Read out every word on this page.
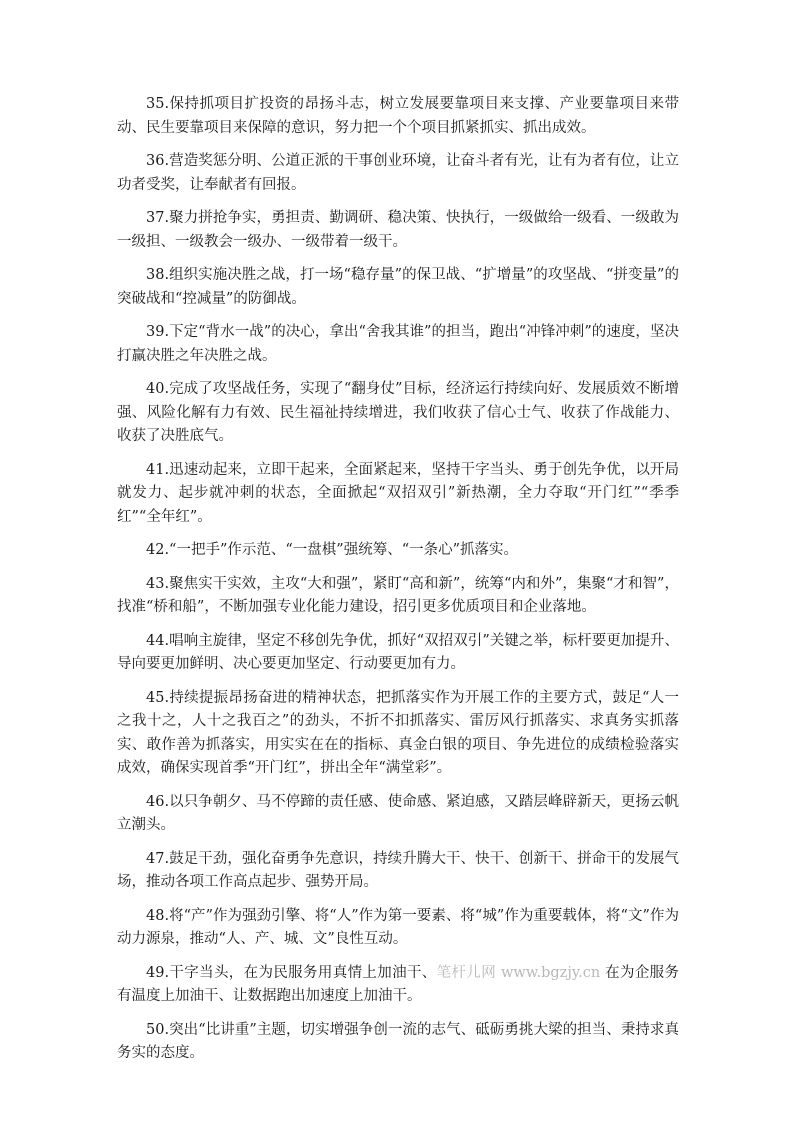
35.保持抓项目扩投资的昂扬斗志，树立发展要靠项目来支撑、产业要靠项目来带动、民生要靠项目来保障的意识，努力把一个个项目抓紧抓实、抓出成效。

36.营造奖惩分明、公道正派的干事创业环境，让奋斗者有光，让有为者有位，让立功者受奖，让奉献者有回报。

37.聚力拼抢争实，勇担责、勤调研、稳决策、快执行，一级做给一级看、一级敢为一级担、一级教会一级办、一级带着一级干。

38.组织实施决胜之战，打一场“稳存量”的保卫战、“扩增量”的攻坚战、“拼变量”的突破战和“控减量”的防御战。

39.下定“背水一战”的决心，拿出“舍我其谁”的担当，跑出“冲锋冲刺”的速度，坚决打赢决胜之年决胜之战。

40.完成了攻坚战任务，实现了“翻身仗”目标，经济运行持续向好、发展质效不断增强、风险化解有力有效、民生福祉持续增进，我们收获了信心士气、收获了作战能力、收获了决胜底气。

41.迅速动起来，立即干起来，全面紧起来，坚持干字当头、勇于创先争优，以开局就发力、起步就冲刺的状态，全面掀起“双招双引”新热潮，全力夺取“开门红”“季季红”“全年红”。

42.“一把手”作示范、“一盘棋”强统筹、“一条心”抓落实。

43.聚焦实干实效，主攻“大和强”，紧盯“高和新”，统筹“内和外”，集聚“才和智”，找准“桥和船”，不断加强专业化能力建设，招引更多优质项目和企业落地。

44.唱响主旋律，坚定不移创先争优，抓好“双招双引”关键之举，标杆要更加提升、导向要更加鲜明、决心要更加坚定、行动要更加有力。

45.持续提振昂扬奋进的精神状态，把抓落实作为开展工作的主要方式，鼓足“人一之我十之，人十之我百之”的劲头，不折不扣抓落实、雷厉风行抓落实、求真务实抓落实、敢作善为抓落实，用实实在在的指标、真金白银的项目、争先进位的成绩检验落实成效，确保实现首季“开门红”，拼出全年“满堂彩”。

46.以只争朝夕、马不停蹄的责任感、使命感、紧迫感，又踏层峰辟新天，更扬云帆立潮头。

47.鼓足干劲，强化奋勇争先意识，持续升腾大干、快干、创新干、拼命干的发展气场，推动各项工作高点起步、强势开局。

48.将“产”作为强劲引擎、将“人”作为第一要素、将“城”作为重要载体，将“文”作为动力源泉，推动“人、产、城、文”良性互动。

49.干字当头，在为民服务用真情上加油干、笔杆儿网 www.bgzjy.cn 在为企服务有温度上加油干、让数据跑出加速度上加油干。

50.突出“比讲重”主题，切实增强争创一流的志气、砥砺勇挑大梁的担当、秉持求真务实的态度。
